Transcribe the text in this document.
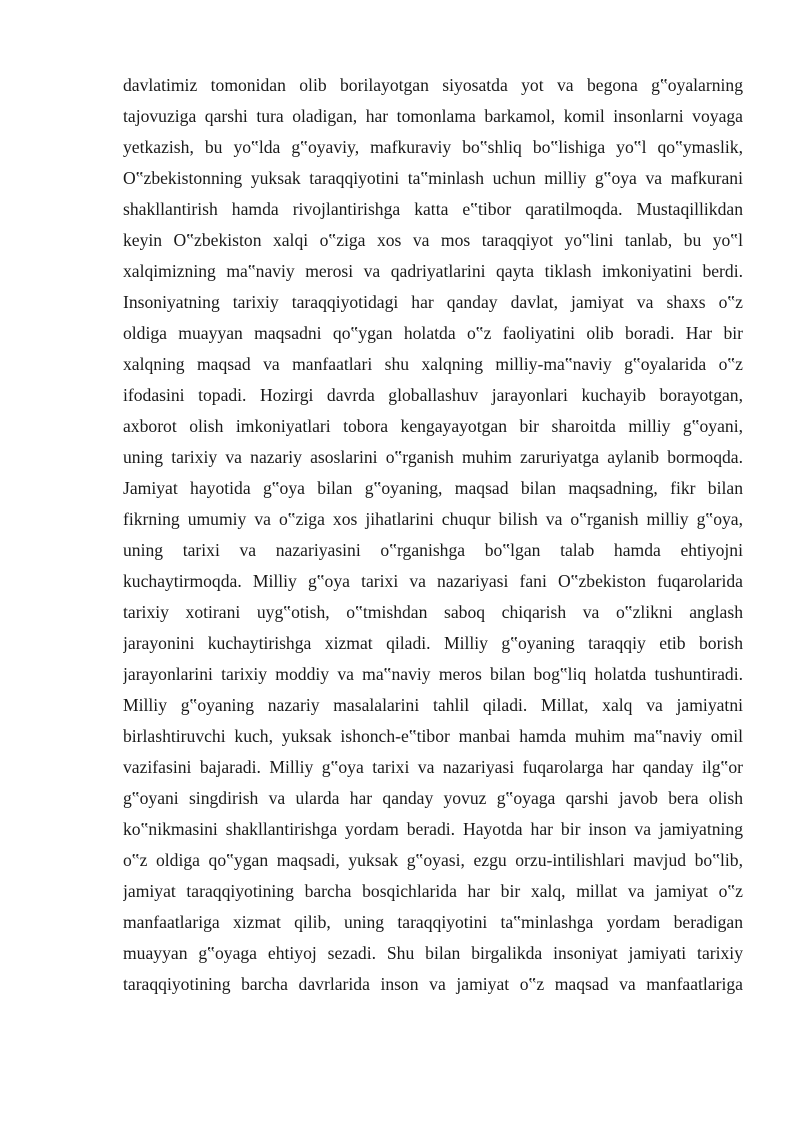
davlatimiz tomonidan olib borilayotgan siyosatda yot va begona g‟oyalarning
tajovuziga qarshi tura oladigan, har tomonlama barkamol, komil insonlarni voyaga
yetkazish, bu yo‟lda g‟oyaviy, mafkuraviy bo‟shliq bo‟lishiga yo‟l qo‟ymaslik,
O‟zbekistonning yuksak taraqqiyotini ta‟minlash uchun milliy g‟oya va mafkurani
shakllantirish hamda rivojlantirishga katta e‟tibor qaratilmoqda. Mustaqillikdan
keyin O‟zbekiston xalqi o‟ziga xos va mos taraqqiyot yo‟lini tanlab, bu yo‟l
xalqimizning ma‟naviy merosi va qadriyatlarini qayta tiklash imkoniyatini berdi.
Insoniyatning tarixiy taraqqiyotidagi har qanday davlat, jamiyat va shaxs o‟z
oldiga muayyan maqsadni qo‟ygan holatda o‟z faoliyatini olib boradi. Har bir
xalqning maqsad va manfaatlari shu xalqning milliy-ma‟naviy g‟oyalarida o‟z
ifodasini topadi. Hozirgi davrda globallashuv jarayonlari kuchayib borayotgan,
axborot olish imkoniyatlari tobora kengayayotgan bir sharoitda milliy g‟oyani,
uning tarixiy va nazariy asoslarini o‟rganish muhim zaruriyatga aylanib bormoqda.
Jamiyat hayotida g‟oya bilan g‟oyaning, maqsad bilan maqsadning, fikr bilan
fikrning umumiy va o‟ziga xos jihatlarini chuqur bilish va o‟rganish milliy g‟oya,
uning tarixi va nazariyasini o‟rganishga bo‟lgan talab hamda ehtiyojni
kuchaytirmoqda. Milliy g‟oya tarixi va nazariyasi fani O‟zbekiston fuqarolarida
tarixiy xotirani uyg‟otish, o‟tmishdan saboq chiqarish va o‟zlikni anglash
jarayonini kuchaytirishga xizmat qiladi. Milliy g‟oyaning taraqqiy etib borish
jarayonlarini tarixiy moddiy va ma‟naviy meros bilan bog‟liq holatda tushuntiradi.
Milliy g‟oyaning nazariy masalalarini tahlil qiladi. Millat, xalq va jamiyatni
birlashtiruvchi kuch, yuksak ishonch-e‟tibor manbai hamda muhim ma‟naviy omil
vazifasini bajaradi. Milliy g‟oya tarixi va nazariyasi fuqarolarga har qanday ilg‟or
g‟oyani singdirish va ularda har qanday yovuz g‟oyaga qarshi javob bera olish
ko‟nikmasini shakllantirishga yordam beradi. Hayotda har bir inson va jamiyatning
o‟z oldiga qo‟ygan maqsadi, yuksak g‟oyasi, ezgu orzu-intilishlari mavjud bo‟lib,
jamiyat taraqqiyotining barcha bosqichlarida har bir xalq, millat va jamiyat o‟z
manfaatlariga xizmat qilib, uning taraqqiyotini ta‟minlashga yordam beradigan
muayyan g‟oyaga ehtiyoj sezadi. Shu bilan birgalikda insoniyat jamiyati tarixiy
taraqqiyotining barcha davrlarida inson va jamiyat o‟z maqsad va manfaatlariga
